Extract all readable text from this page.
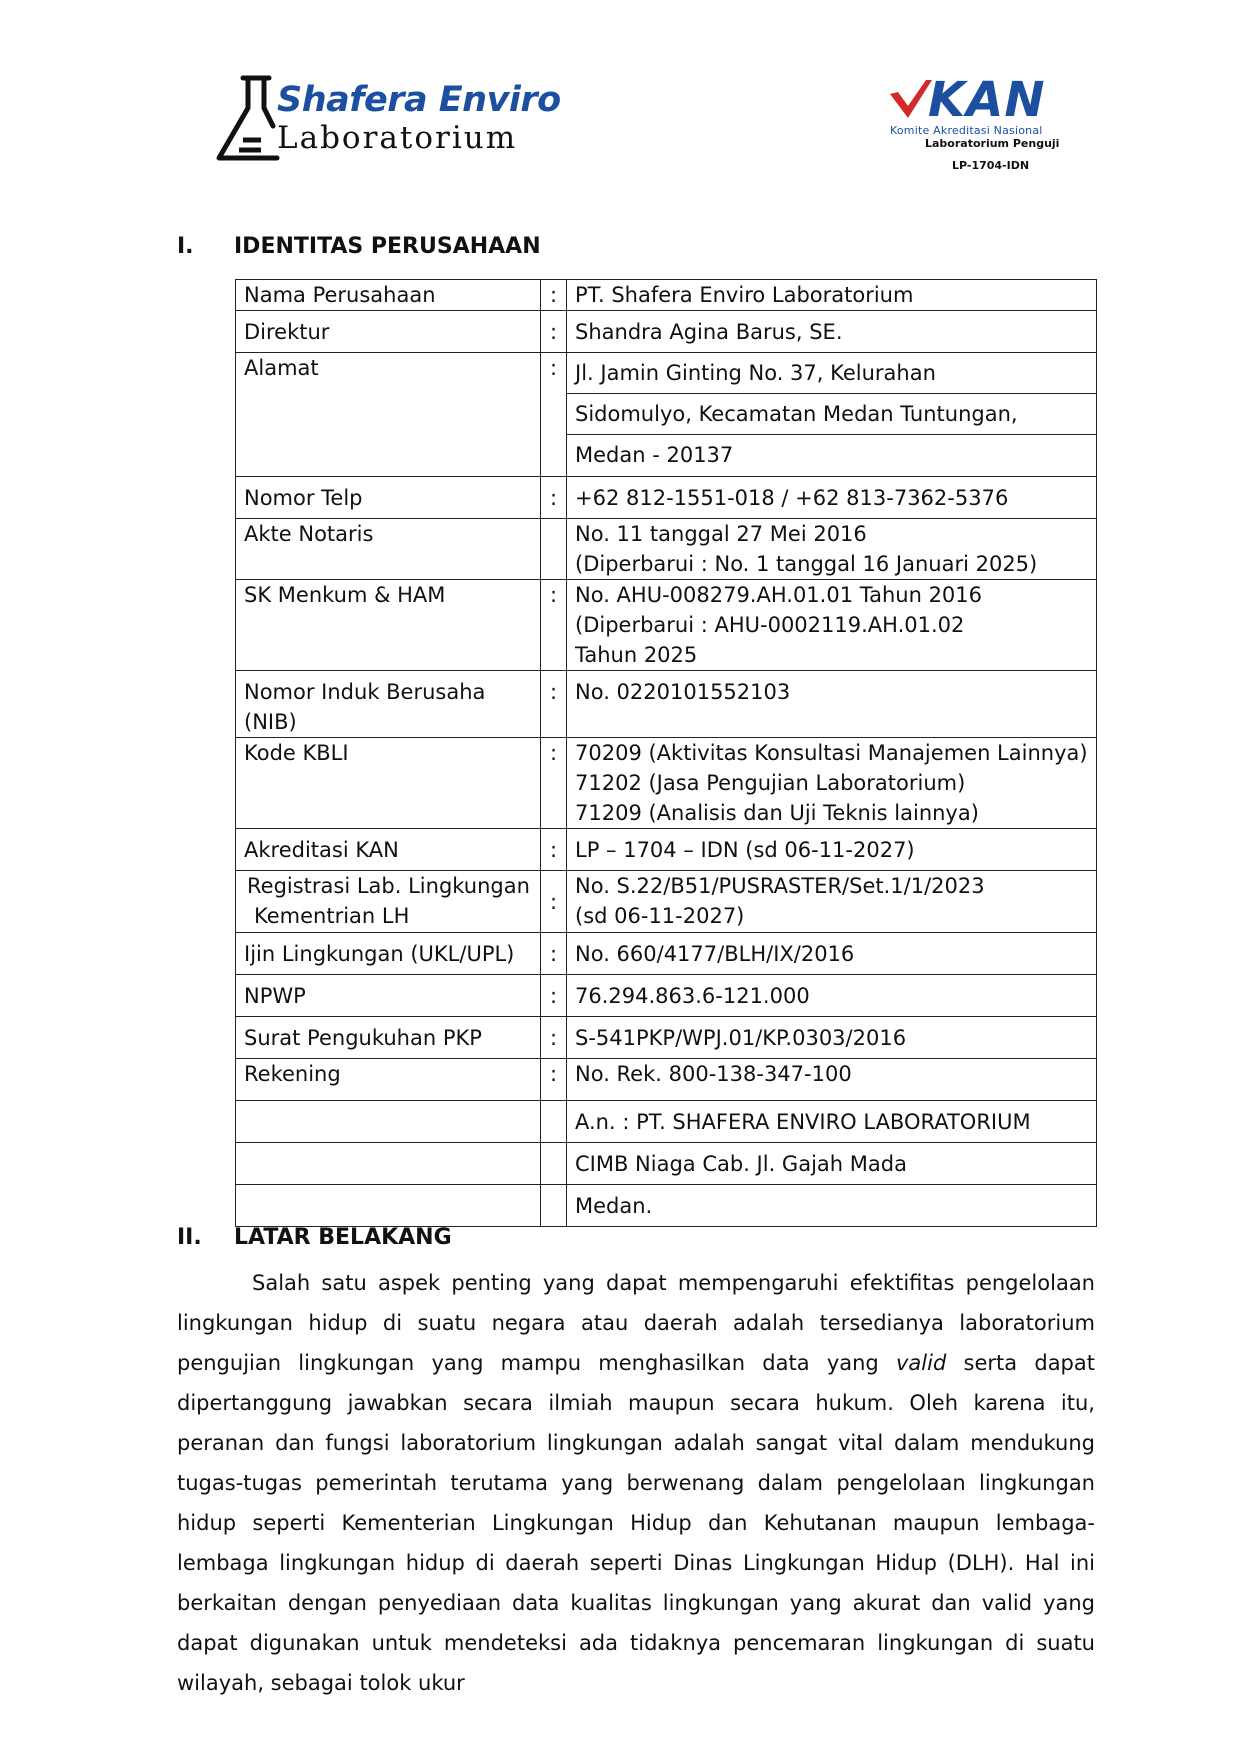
Shafera Enviro
Laboratorium
KAN
Komite Akreditasi Nasional
Laboratorium Penguji
LP-1704-IDN
I. IDENTITAS PERUSAHAAN
Nama Perusahaan	:	PT. Shafera Enviro Laboratorium

Direktur	:	Shandra Agina Barus, SE.

Alamat	:	Jl. Jamin Ginting No. 37, Kelurahan
Sidomulyo, Kecamatan Medan Tuntungan,
Medan - 20137

Nomor Telp	:	+62 812-1551-018 / +62 813-7362-5376

Akte Notaris		No. 11 tanggal 27 Mei 2016
(Diperbarui : No. 1 tanggal 16 Januari 2025)

SK Menkum & HAM	:	No. AHU-008279.AH.01.01 Tahun 2016
(Diperbarui : AHU-0002119.AH.01.02
Tahun 2025

Nomor Induk Berusaha (NIB)	:	No. 0220101552103

Kode KBLI	:	70209 (Aktivitas Konsultasi Manajemen Lainnya)
71202 (Jasa Pengujian Laboratorium)
71209 (Analisis dan Uji Teknis lainnya)

Akreditasi KAN	:	LP – 1704 – IDN (sd 06-11-2027)

Registrasi Lab. Lingkungan
Kementrian LH	:	No. S.22/B51/PUSRASTER/Set.1/1/2023
(sd 06-11-2027)

Ijin Lingkungan (UKL/UPL)	:	No. 660/4177/BLH/IX/2016

NPWP	:	76.294.863.6-121.000

Surat Pengukuhan PKP	:	S-541PKP/WPJ.01/KP.0303/2016

Rekening	:	No. Rek. 800-138-347-100

		A.n. : PT. SHAFERA ENVIRO LABORATORIUM

		CIMB Niaga Cab. Jl. Gajah Mada

		Medan.
II. LATAR BELAKANG
Salah satu aspek penting yang dapat mempengaruhi efektifitas pengelolaan lingkungan hidup di suatu negara atau daerah adalah tersedianya laboratorium pengujian lingkungan yang mampu menghasilkan data yang valid serta dapat dipertanggung jawabkan secara ilmiah maupun secara hukum. Oleh karena itu, peranan dan fungsi laboratorium lingkungan adalah sangat vital dalam mendukung tugas-tugas pemerintah terutama yang berwenang dalam pengelolaan lingkungan hidup seperti Kementerian Lingkungan Hidup dan Kehutanan maupun lembaga-lembaga lingkungan hidup di daerah seperti Dinas Lingkungan Hidup (DLH). Hal ini berkaitan dengan penyediaan data kualitas lingkungan yang akurat dan valid yang dapat digunakan untuk mendeteksi ada tidaknya pencemaran lingkungan di suatu wilayah, sebagai tolok ukur
